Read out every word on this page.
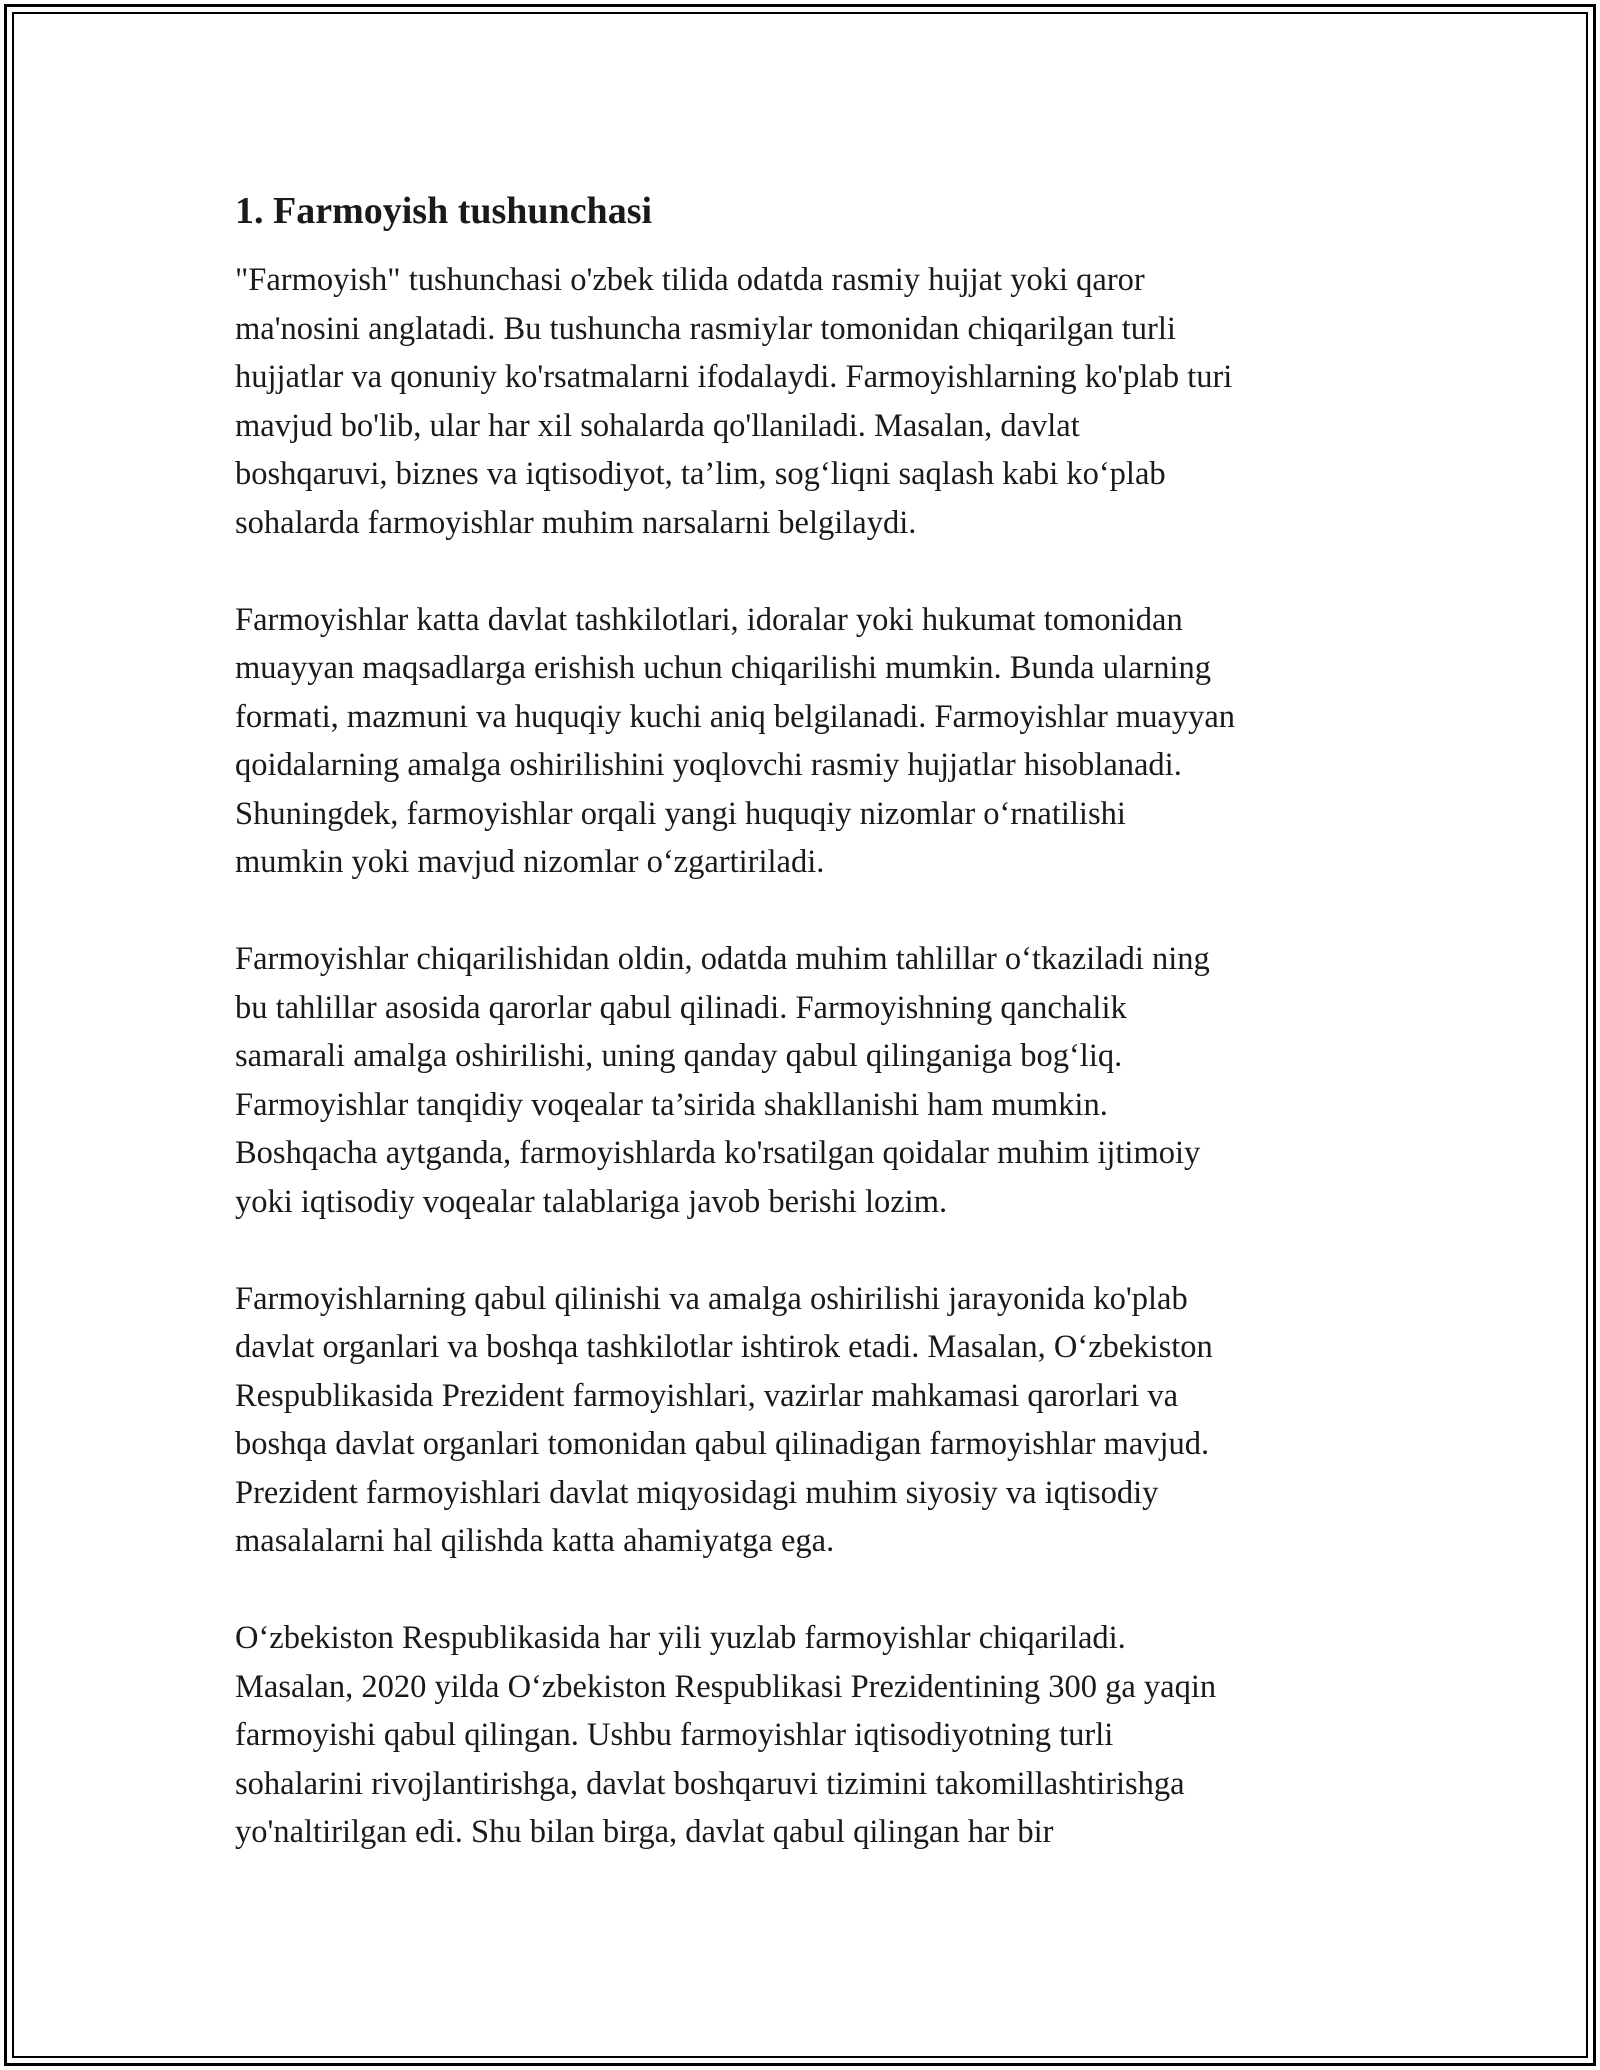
1. Farmoyish tushunchasi
"Farmoyish" tushunchasi o'zbek tilida odatda rasmiy hujjat yoki qaror
ma'nosini anglatadi. Bu tushuncha rasmiylar tomonidan chiqarilgan turli
hujjatlar va qonuniy ko'rsatmalarni ifodalaydi. Farmoyishlarning ko'plab turi
mavjud bo'lib, ular har xil sohalarda qo'llaniladi. Masalan, davlat
boshqaruvi, biznes va iqtisodiyot, ta’lim, sog‘liqni saqlash kabi ko‘plab
sohalarda farmoyishlar muhim narsalarni belgilaydi.
Farmoyishlar katta davlat tashkilotlari, idoralar yoki hukumat tomonidan
muayyan maqsadlarga erishish uchun chiqarilishi mumkin. Bunda ularning
formati, mazmuni va huquqiy kuchi aniq belgilanadi. Farmoyishlar muayyan
qoidalarning amalga oshirilishini yoqlovchi rasmiy hujjatlar hisoblanadi.
Shuningdek, farmoyishlar orqali yangi huquqiy nizomlar o‘rnatilishi
mumkin yoki mavjud nizomlar o‘zgartiriladi.
Farmoyishlar chiqarilishidan oldin, odatda muhim tahlillar o‘tkaziladi ning
bu tahlillar asosida qarorlar qabul qilinadi. Farmoyishning qanchalik
samarali amalga oshirilishi, uning qanday qabul qilinganiga bog‘liq.
Farmoyishlar tanqidiy voqealar ta’sirida shakllanishi ham mumkin.
Boshqacha aytganda, farmoyishlarda ko'rsatilgan qoidalar muhim ijtimoiy
yoki iqtisodiy voqealar talablariga javob berishi lozim.
Farmoyishlarning qabul qilinishi va amalga oshirilishi jarayonida ko'plab
davlat organlari va boshqa tashkilotlar ishtirok etadi. Masalan, O‘zbekiston
Respublikasida Prezident farmoyishlari, vazirlar mahkamasi qarorlari va
boshqa davlat organlari tomonidan qabul qilinadigan farmoyishlar mavjud.
Prezident farmoyishlari davlat miqyosidagi muhim siyosiy va iqtisodiy
masalalarni hal qilishda katta ahamiyatga ega.
O‘zbekiston Respublikasida har yili yuzlab farmoyishlar chiqariladi.
Masalan, 2020 yilda O‘zbekiston Respublikasi Prezidentining 300 ga yaqin
farmoyishi qabul qilingan. Ushbu farmoyishlar iqtisodiyotning turli
sohalarini rivojlantirishga, davlat boshqaruvi tizimini takomillashtirishga
yo'naltirilgan edi. Shu bilan birga, davlat qabul qilingan har bir
